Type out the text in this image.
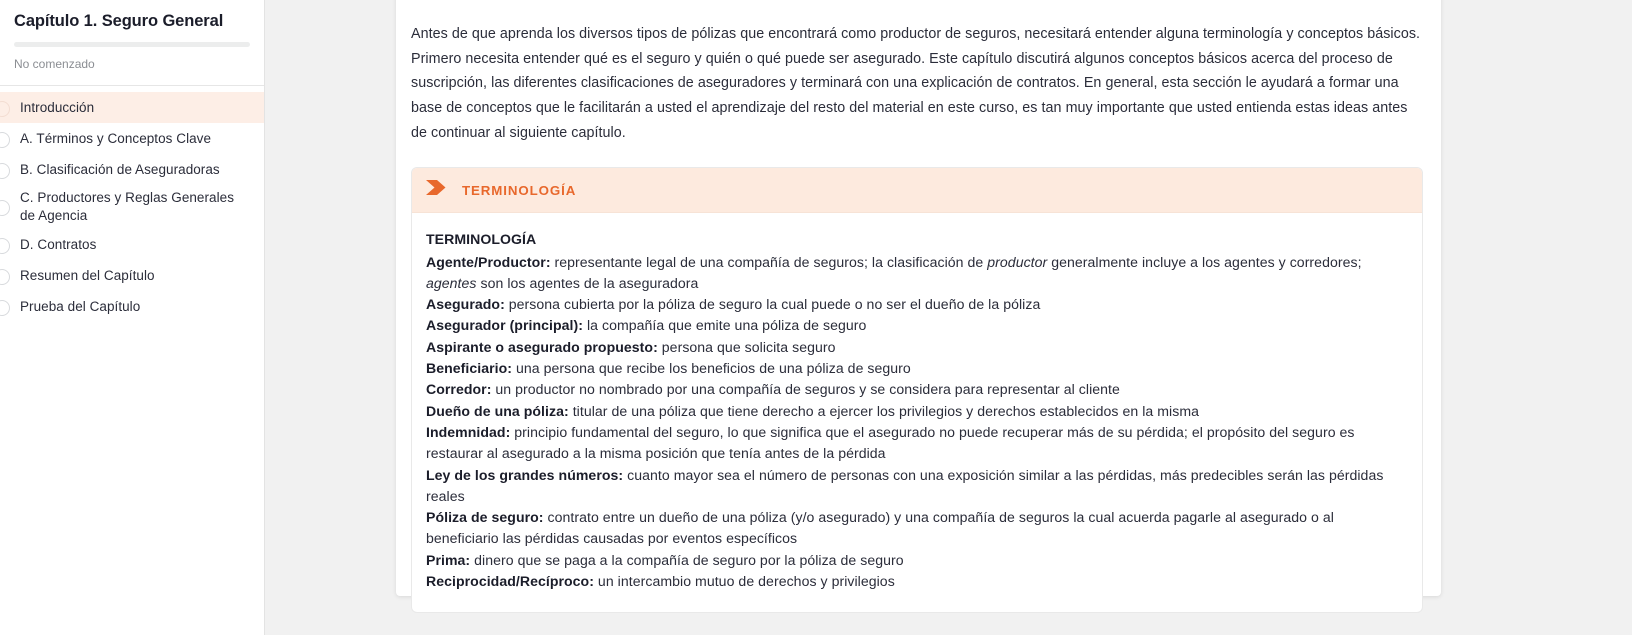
Capítulo 1. Seguro General
No comenzado
Introducción
A. Términos y Conceptos Clave
B. Clasificación de Aseguradoras
C. Productores y Reglas Generales de Agencia
D. Contratos
Resumen del Capítulo
Prueba del Capítulo

Antes de que aprenda los diversos tipos de pólizas que encontrará como productor de seguros, necesitará entender alguna terminología y conceptos básicos. Primero necesita entender qué es el seguro y quién o qué puede ser asegurado. Este capítulo discutirá algunos conceptos básicos acerca del proceso de suscripción, las diferentes clasificaciones de aseguradores y terminará con una explicación de contratos. En general, esta sección le ayudará a formar una base de conceptos que le facilitarán a usted el aprendizaje del resto del material en este curso, es tan muy importante que usted entienda estas ideas antes de continuar al siguiente capítulo.

TERMINOLOGÍA
TERMINOLOGÍA

Agente/Productor: representante legal de una compañía de seguros; la clasificación de productor generalmente incluye a los agentes y corredores; agentes son los agentes de la aseguradora

Asegurado: persona cubierta por la póliza de seguro la cual puede o no ser el dueño de la póliza

Asegurador (principal): la compañía que emite una póliza de seguro

Aspirante o asegurado propuesto: persona que solicita seguro

Beneficiario: una persona que recibe los beneficios de una póliza de seguro

Corredor: un productor no nombrado por una compañía de seguros y se considera para representar al cliente

Dueño de una póliza: titular de una póliza que tiene derecho a ejercer los privilegios y derechos establecidos en la misma

Indemnidad: principio fundamental del seguro, lo que significa que el asegurado no puede recuperar más de su pérdida; el propósito del seguro es restaurar al asegurado a la misma posición que tenía antes de la pérdida

Ley de los grandes números: cuanto mayor sea el número de personas con una exposición similar a las pérdidas, más predecibles serán las pérdidas reales

Póliza de seguro: contrato entre un dueño de una póliza (y/o asegurado) y una compañía de seguros la cual acuerda pagarle al asegurado o al beneficiario las pérdidas causadas por eventos específicos

Prima: dinero que se paga a la compañía de seguro por la póliza de seguro

Reciprocidad/Recíproco: un intercambio mutuo de derechos y privilegios
